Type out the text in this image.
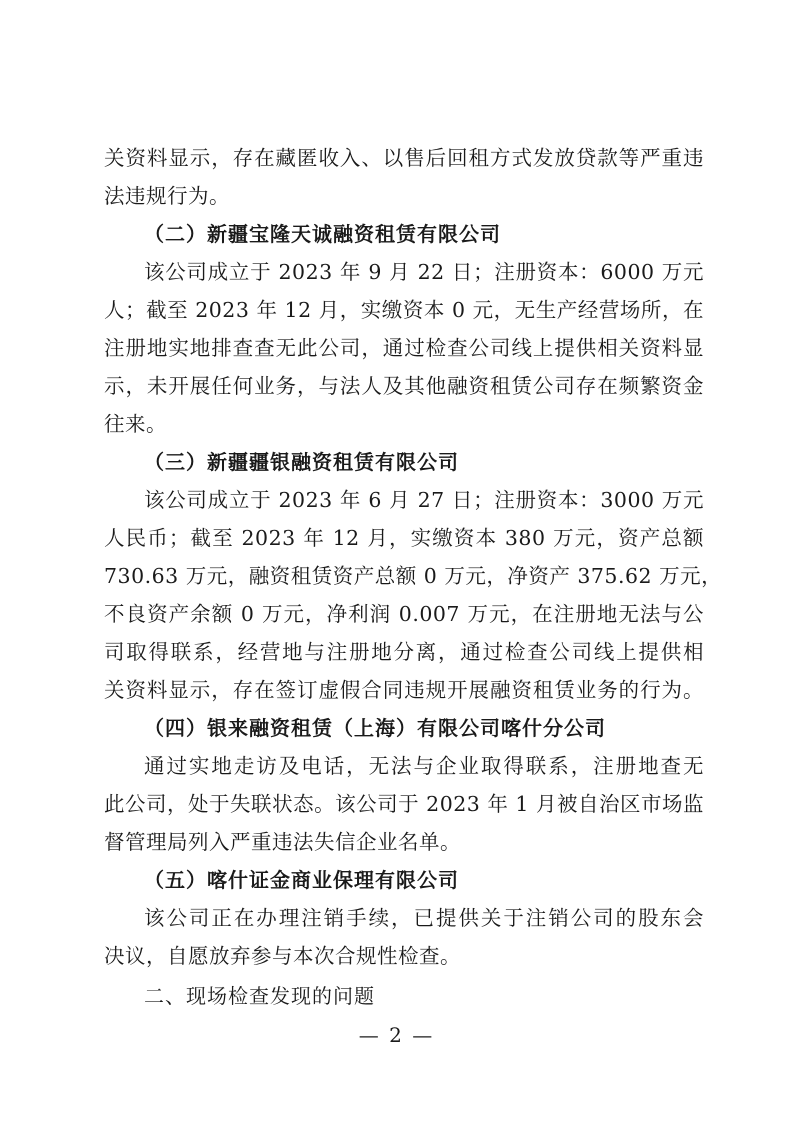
关资料显示，存在藏匿收入、以售后回租方式发放贷款等严重违
法违规行为。
（二）新疆宝隆天诚融资租赁有限公司
该公司成立于 2023 年 9 月 22 日；注册资本：6000 万元
人；截至 2023 年 12 月，实缴资本 0 元，无生产经营场所，在
注册地实地排查查无此公司，通过检查公司线上提供相关资料显
示，未开展任何业务，与法人及其他融资租赁公司存在频繁资金
往来。
（三）新疆疆银融资租赁有限公司
该公司成立于 2023 年 6 月 27 日；注册资本：3000 万元
人民币；截至 2023 年 12 月，实缴资本 380 万元，资产总额
730.63 万元，融资租赁资产总额 0 万元，净资产 375.62 万元，
不良资产余额 0 万元，净利润 0.007 万元，在注册地无法与公
司取得联系，经营地与注册地分离，通过检查公司线上提供相
关资料显示，存在签订虚假合同违规开展融资租赁业务的行为。
（四）银来融资租赁（上海）有限公司喀什分公司
通过实地走访及电话，无法与企业取得联系，注册地查无
此公司，处于失联状态。该公司于 2023 年 1 月被自治区市场监
督管理局列入严重违法失信企业名单。
（五）喀什证金商业保理有限公司
该公司正在办理注销手续，已提供关于注销公司的股东会
决议，自愿放弃参与本次合规性检查。
二、现场检查发现的问题
— 2 —
